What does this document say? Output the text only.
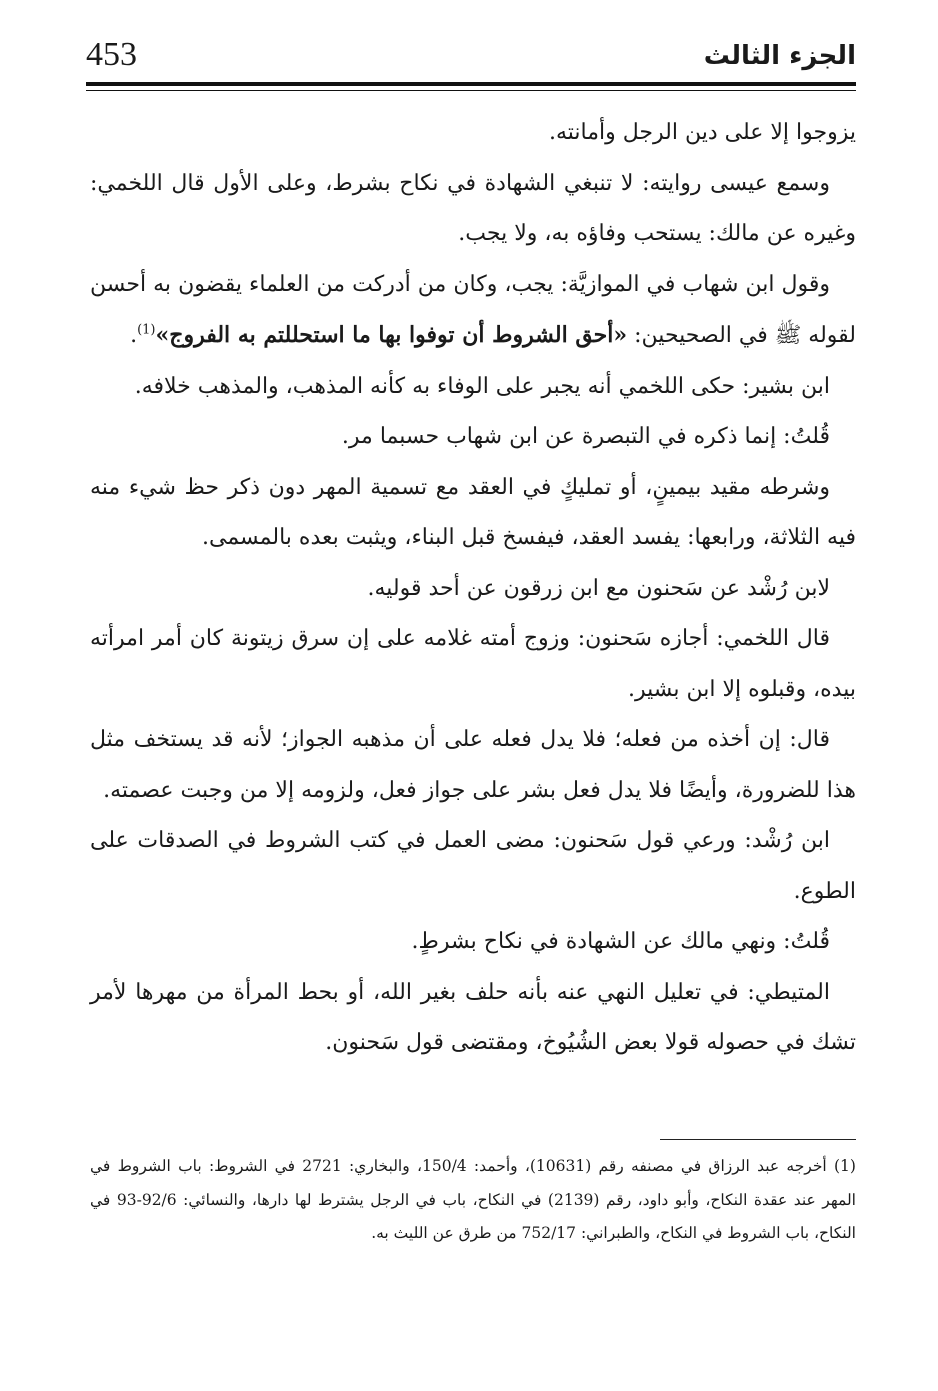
453	الجزء الثالث

يزوجوا إلا على دين الرجل وأمانته.

وسمع عيسى روايته: لا تنبغي الشهادة في نكاح بشرط، وعلى الأول قال اللخمي: وغيره عن مالك: يستحب وفاؤه به، ولا يجب.

وقول ابن شهاب في الموازيَّة: يجب، وكان من أدركت من العلماء يقضون به أحسن لقوله ﷺ في الصحيحين: «أحق الشروط أن توفوا بها ما استحللتم به الفروج»$^{(1)}$.

ابن بشير: حكى اللخمي أنه يجبر على الوفاء به كأنه المذهب، والمذهب خلافه.

قُلتُ: إنما ذكره في التبصرة عن ابن شهاب حسبما مر.

وشرطه مقيد بيمينٍ، أو تمليكٍ في العقد مع تسمية المهر دون ذكر حظ شيء منه فيه الثلاثة، ورابعها: يفسد العقد، فيفسخ قبل البناء، ويثبت بعده بالمسمى.

لابن رُشْد عن سَحنون مع ابن زرقون عن أحد قوليه.

قال اللخمي: أجازه سَحنون: وزوج أمته غلامه على إن سرق زيتونة كان أمر امرأته بيده، وقبلوه إلا ابن بشير.

قال: إن أخذه من فعله؛ فلا يدل فعله على أن مذهبه الجواز؛ لأنه قد يستخف مثل هذا للضرورة، وأيضًا فلا يدل فعل بشر على جواز فعل، ولزومه إلا من وجبت عصمته.

ابن رُشْد: ورعي قول سَحنون: مضى العمل في كتب الشروط في الصدقات على الطوع.

قُلتُ: ونهي مالك عن الشهادة في نكاح بشرطٍ.

المتيطي: في تعليل النهي عنه بأنه حلف بغير الله، أو بحط المرأة من مهرها لأمر تشك في حصوله قولا بعض الشُيُوخ، ومقتضى قول سَحنون.

(1) أخرجه عبد الرزاق في مصنفه رقم (10631)، وأحمد: 150/4، والبخاري: 2721 في الشروط: باب الشروط في المهر عند عقدة النكاح، وأبو داود، رقم (2139) في النكاح، باب في الرجل يشترط لها دارها، والنسائي: 92/6-93 في النكاح، باب الشروط في النكاح، والطبراني: 752/17 من طرق عن الليث به.
